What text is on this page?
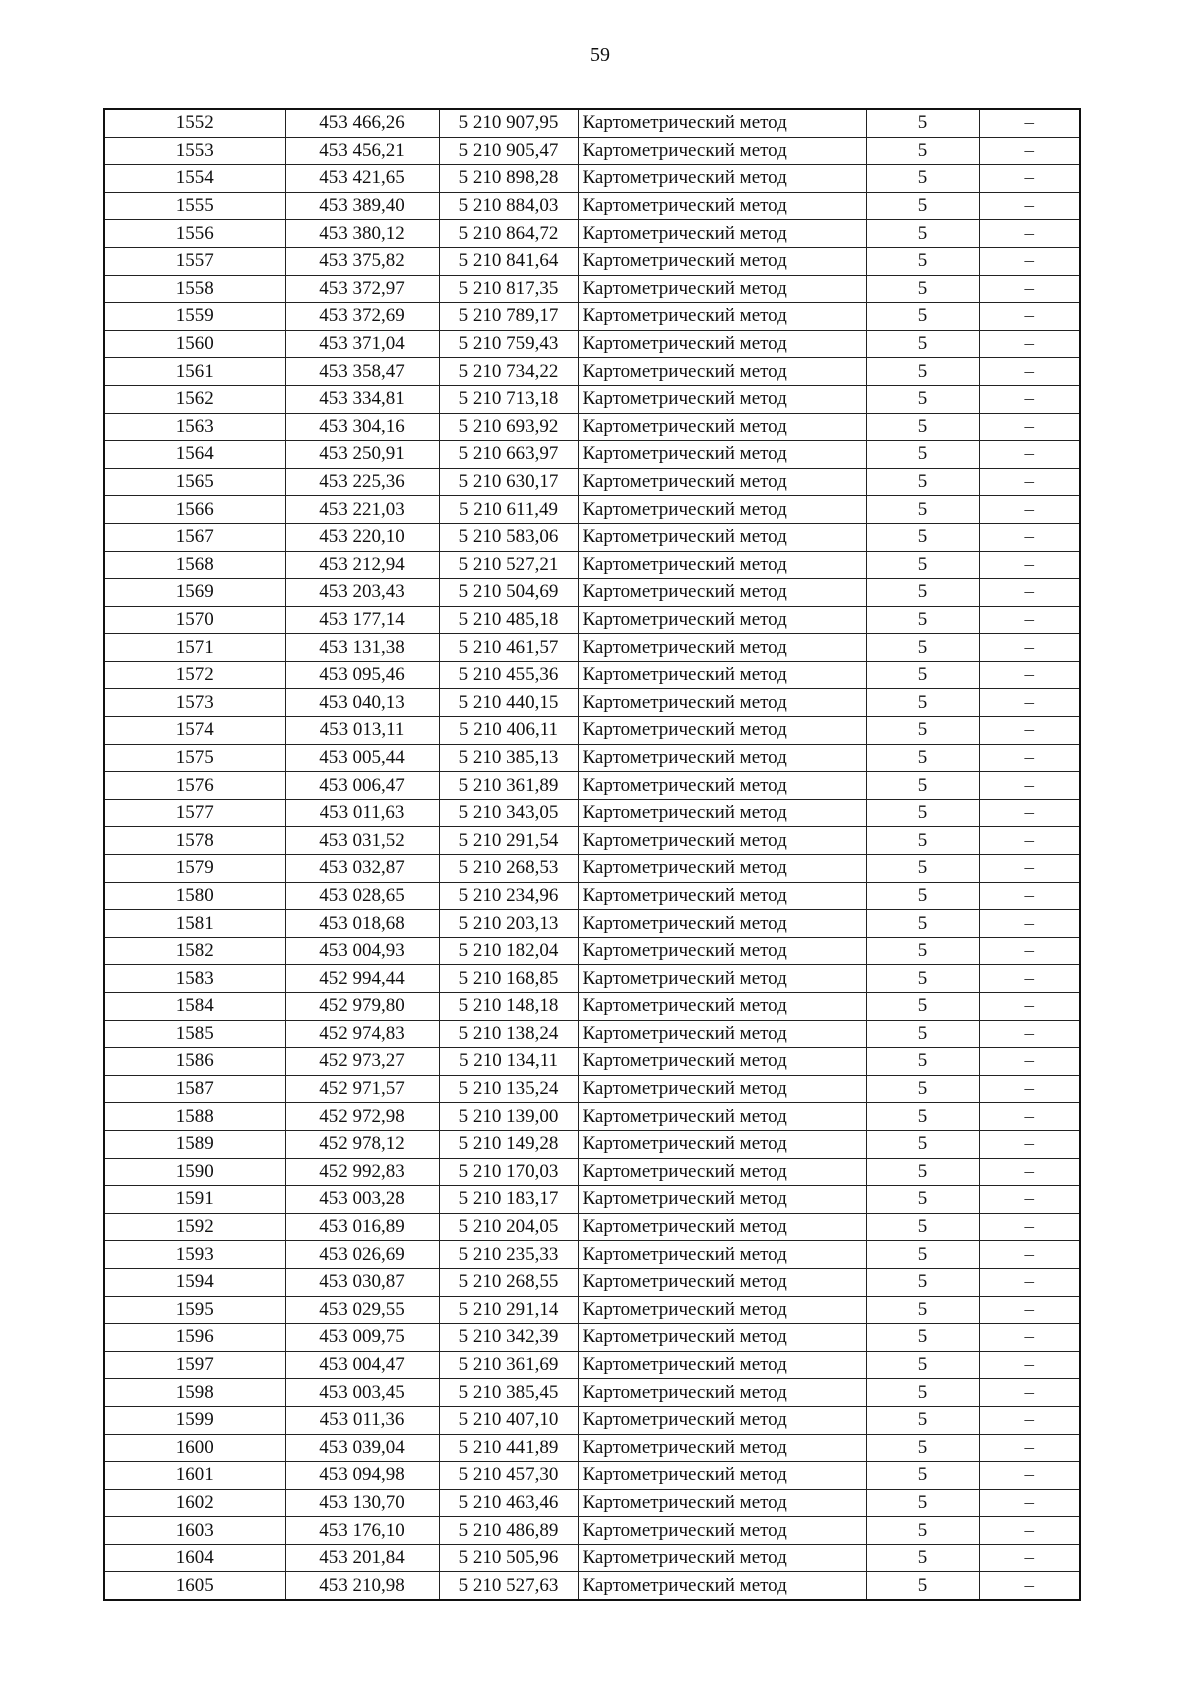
59
1552	453 466,26	5 210 907,95	Картометрический метод	5	–
1553	453 456,21	5 210 905,47	Картометрический метод	5	–
1554	453 421,65	5 210 898,28	Картометрический метод	5	–
1555	453 389,40	5 210 884,03	Картометрический метод	5	–
1556	453 380,12	5 210 864,72	Картометрический метод	5	–
1557	453 375,82	5 210 841,64	Картометрический метод	5	–
1558	453 372,97	5 210 817,35	Картометрический метод	5	–
1559	453 372,69	5 210 789,17	Картометрический метод	5	–
1560	453 371,04	5 210 759,43	Картометрический метод	5	–
1561	453 358,47	5 210 734,22	Картометрический метод	5	–
1562	453 334,81	5 210 713,18	Картометрический метод	5	–
1563	453 304,16	5 210 693,92	Картометрический метод	5	–
1564	453 250,91	5 210 663,97	Картометрический метод	5	–
1565	453 225,36	5 210 630,17	Картометрический метод	5	–
1566	453 221,03	5 210 611,49	Картометрический метод	5	–
1567	453 220,10	5 210 583,06	Картометрический метод	5	–
1568	453 212,94	5 210 527,21	Картометрический метод	5	–
1569	453 203,43	5 210 504,69	Картометрический метод	5	–
1570	453 177,14	5 210 485,18	Картометрический метод	5	–
1571	453 131,38	5 210 461,57	Картометрический метод	5	–
1572	453 095,46	5 210 455,36	Картометрический метод	5	–
1573	453 040,13	5 210 440,15	Картометрический метод	5	–
1574	453 013,11	5 210 406,11	Картометрический метод	5	–
1575	453 005,44	5 210 385,13	Картометрический метод	5	–
1576	453 006,47	5 210 361,89	Картометрический метод	5	–
1577	453 011,63	5 210 343,05	Картометрический метод	5	–
1578	453 031,52	5 210 291,54	Картометрический метод	5	–
1579	453 032,87	5 210 268,53	Картометрический метод	5	–
1580	453 028,65	5 210 234,96	Картометрический метод	5	–
1581	453 018,68	5 210 203,13	Картометрический метод	5	–
1582	453 004,93	5 210 182,04	Картометрический метод	5	–
1583	452 994,44	5 210 168,85	Картометрический метод	5	–
1584	452 979,80	5 210 148,18	Картометрический метод	5	–
1585	452 974,83	5 210 138,24	Картометрический метод	5	–
1586	452 973,27	5 210 134,11	Картометрический метод	5	–
1587	452 971,57	5 210 135,24	Картометрический метод	5	–
1588	452 972,98	5 210 139,00	Картометрический метод	5	–
1589	452 978,12	5 210 149,28	Картометрический метод	5	–
1590	452 992,83	5 210 170,03	Картометрический метод	5	–
1591	453 003,28	5 210 183,17	Картометрический метод	5	–
1592	453 016,89	5 210 204,05	Картометрический метод	5	–
1593	453 026,69	5 210 235,33	Картометрический метод	5	–
1594	453 030,87	5 210 268,55	Картометрический метод	5	–
1595	453 029,55	5 210 291,14	Картометрический метод	5	–
1596	453 009,75	5 210 342,39	Картометрический метод	5	–
1597	453 004,47	5 210 361,69	Картометрический метод	5	–
1598	453 003,45	5 210 385,45	Картометрический метод	5	–
1599	453 011,36	5 210 407,10	Картометрический метод	5	–
1600	453 039,04	5 210 441,89	Картометрический метод	5	–
1601	453 094,98	5 210 457,30	Картометрический метод	5	–
1602	453 130,70	5 210 463,46	Картометрический метод	5	–
1603	453 176,10	5 210 486,89	Картометрический метод	5	–
1604	453 201,84	5 210 505,96	Картометрический метод	5	–
1605	453 210,98	5 210 527,63	Картометрический метод	5	–
